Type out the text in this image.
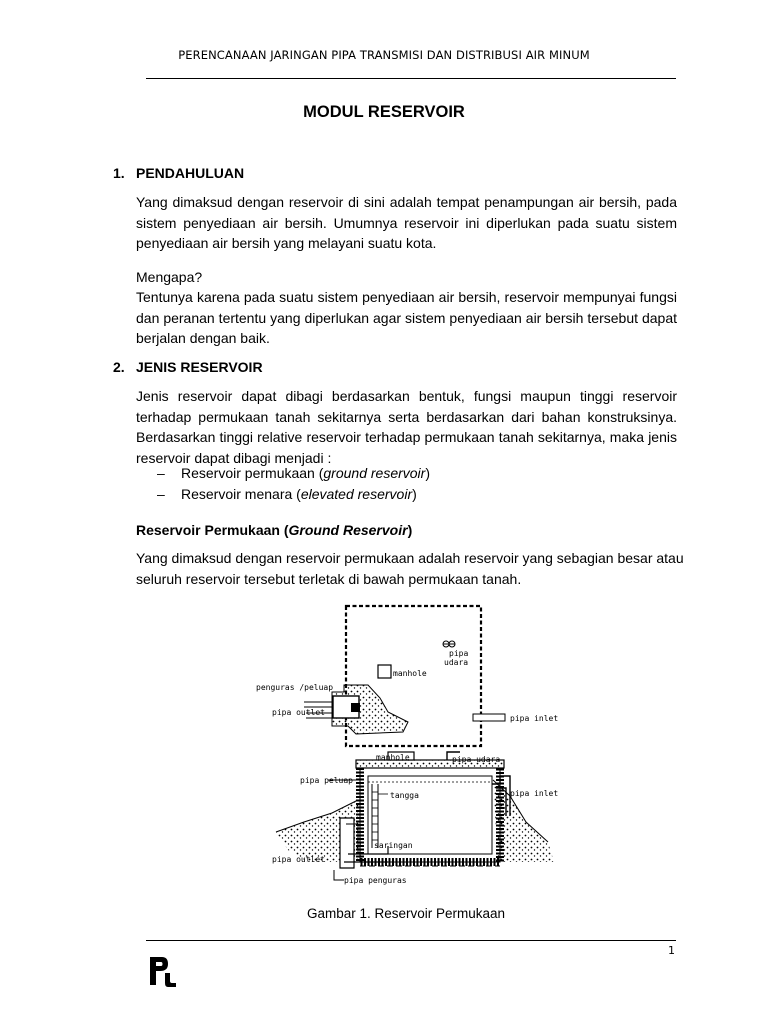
PERENCANAAN JARINGAN PIPA TRANSMISI DAN DISTRIBUSI AIR MINUM
MODUL RESERVOIR
1. PENDAHULUAN
Yang dimaksud dengan reservoir di sini adalah tempat penampungan air bersih, pada
sistem penyediaan air bersih. Umumnya reservoir ini diperlukan pada suatu sistem
penyediaan air bersih yang melayani suatu kota.
Mengapa?
Tentunya karena pada suatu sistem penyediaan air bersih, reservoir mempunyai fungsi
dan peranan tertentu yang diperlukan agar sistem penyediaan air bersih tersebut dapat
berjalan dengan baik.
2. JENIS RESERVOIR
Jenis reservoir dapat dibagi berdasarkan bentuk, fungsi maupun tinggi reservoir
terhadap permukaan tanah sekitarnya serta berdasarkan dari bahan konstruksinya.
Berdasarkan tinggi relative reservoir terhadap permukaan tanah sekitarnya, maka jenis
reservoir dapat dibagi menjadi :
– Reservoir permukaan (ground reservoir)
– Reservoir menara (elevated reservoir)
Reservoir Permukaan (Ground Reservoir)
Yang dimaksud dengan reservoir permukaan adalah reservoir yang sebagian besar atau
seluruh reservoir tersebut terletak di bawah permukaan tanah.
manhole
pipa
udara
penguras /peluap
pipa outlet
pipa inlet
manhole	pipa udara
pipa peluap
pipa inlet
tangga
saringan
pipa outlet
pipa penguras
Gambar 1. Reservoir Permukaan
1
